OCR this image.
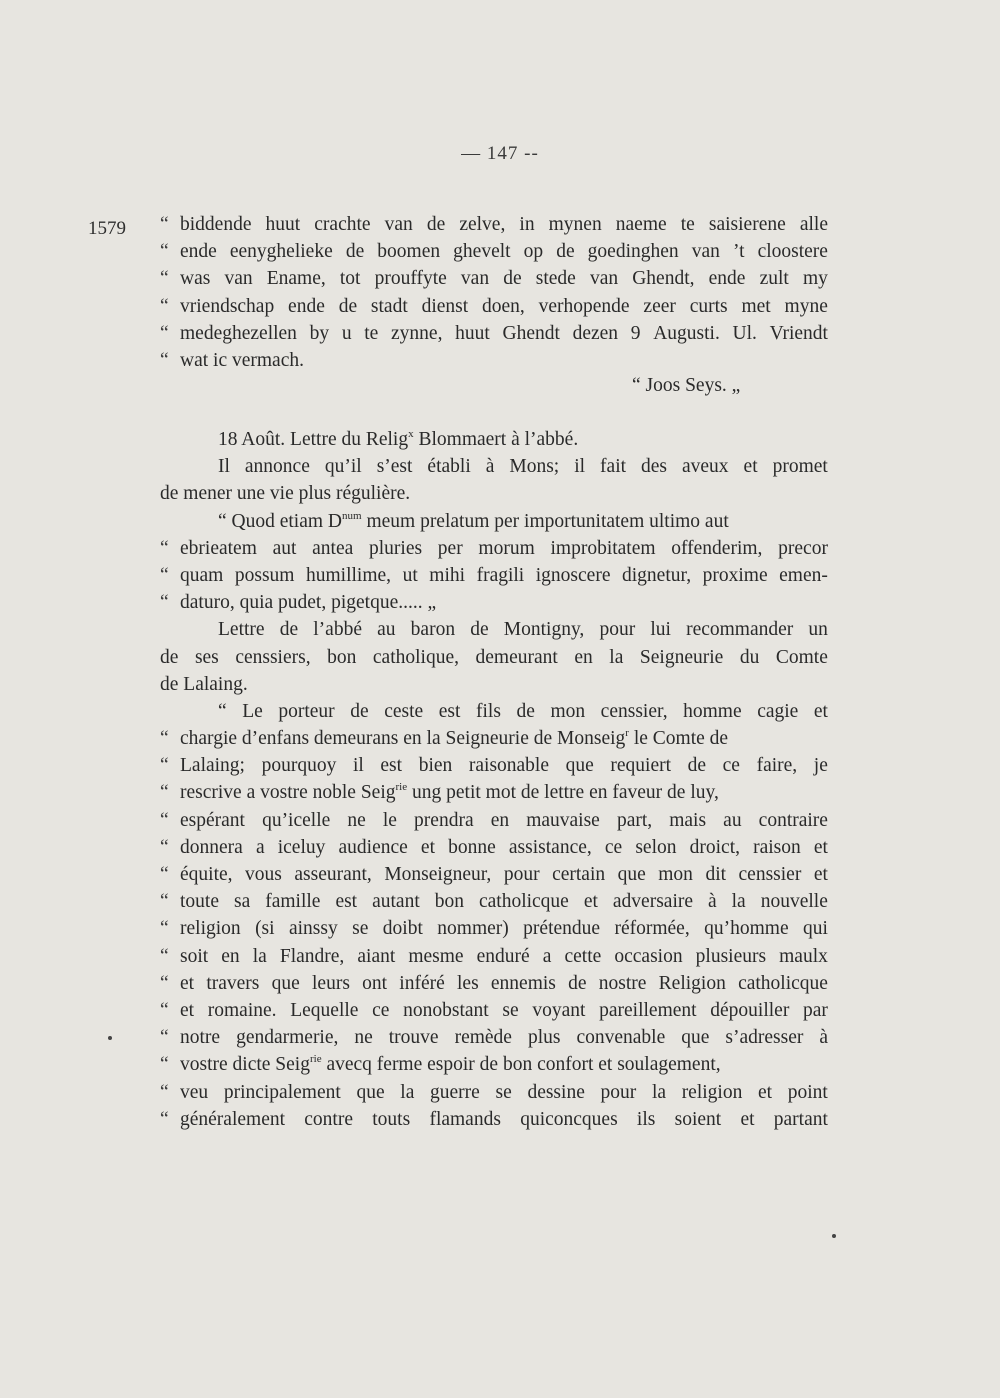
— 147 --
1579 “ biddende huut crachte van de zelve, in mynen naeme te saisierene alle
“ ende eenyghelieke de boomen ghevelt op de goedinghen van ’t cloostere
“ was van Ename, tot prouffyte van de stede van Ghendt, ende zult my
“ vriendschap ende de stadt dienst doen, verhopende zeer curts met myne
“ medeghezellen by u te zynne, huut Ghendt dezen 9 Augusti. Ul. Vriendt
“ wat ic vermach.
“ Joos Seys. „
18 Août. Lettre du Relig$^x$ Blommaert à l’abbé.
Il annonce qu’il s’est établi à Mons; il fait des aveux et promet
de mener une vie plus régulière.
“ Quod etiam $D^{num}$ meum prelatum per importunitatem ultimo aut
“ ebrieatem aut antea pluries per morum improbitatem offenderim, precor
“ quam possum humillime, ut mihi fragili ignoscere dignetur, proxime emen-
“ daturo, quia pudet, pigetque..... „
Lettre de l’abbé au baron de Montigny, pour lui recommander un
de ses censsiers, bon catholique, demeurant en la Seigneurie du Comte
de Lalaing.
“ Le porteur de ceste est fils de mon censsier, homme cagie et
“ chargie d’enfans demeurans en la Seigneurie de Monseig$^r$ le Comte de
“ Lalaing; pourquoy il est bien raisonable que requiert de ce faire, je
“ rescrive a vostre noble Seig$^{rie}$ ung petit mot de lettre en faveur de luy,
“ espérant qu’icelle ne le prendra en mauvaise part, mais au contraire
“ donnera a iceluy audience et bonne assistance, ce selon droict, raison et
“ équite, vous asseurant, Monseigneur, pour certain que mon dit censsier et
“ toute sa famille est autant bon catholicque et adversaire à la nouvelle
“ religion (si ainssy se doibt nommer) prétendue réformée, qu’homme qui
“ soit en la Flandre, aiant mesme enduré a cette occasion plusieurs maulx
“ et travers que leurs ont inféré les ennemis de nostre Religion catholicque
“ et romaine. Lequelle ce nonobstant se voyant pareillement dépouiller par
“ notre gendarmerie, ne trouve remède plus convenable que s’adresser à
“ vostre dicte Seig$^{rie}$ avecq ferme espoir de bon confort et soulagement,
“ veu principalement que la guerre se dessine pour la religion et point
“ généralement contre touts flamands quiconcques ils soient et partant
